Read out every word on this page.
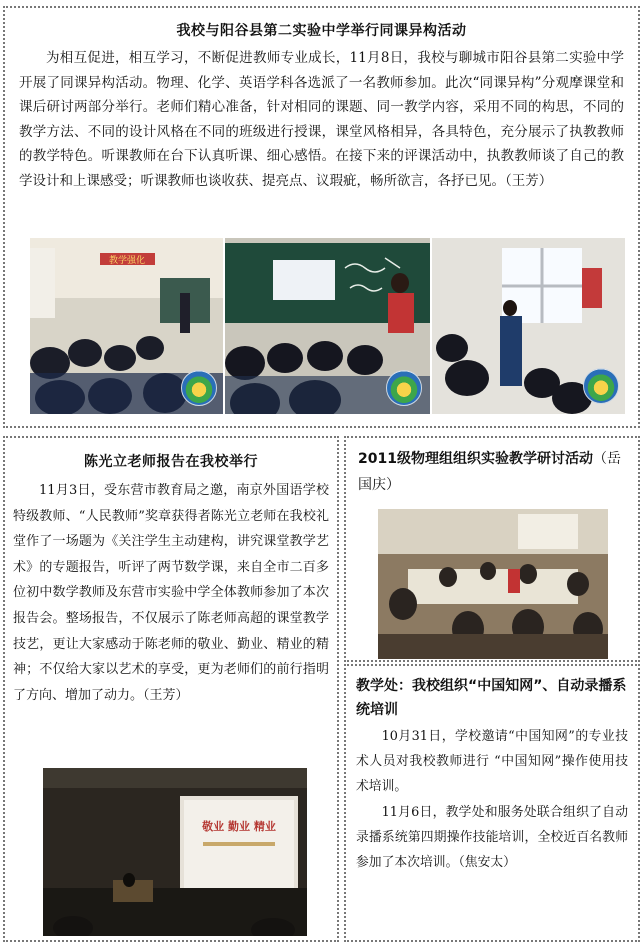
我校与阳谷县第二实验中学举行同课异构活动
为相互促进，相互学习，不断促进教师专业成长，11月8日，我校与聊城市阳谷县第二实验中学开展了同课异构活动。物理、化学、英语学科各选派了一名教师参加。此次“同课异构”分观摩课堂和课后研讨两部分举行。老师们精心准备，针对相同的课题、同一教学内容，采用不同的构思，不同的教学方法、不同的设计风格在不同的班级进行授课，课堂风格相异，各具特色，充分展示了执教教师的教学特色。听课教师在台下认真听课、细心感悟。在接下来的评课活动中，执教教师谈了自己的教学设计和上课感受；听课教师也谈收获、提亮点、议瑕疵，畅所欲言，各抒已见。（王芳）
教学强化
陈光立老师报告在我校举行
11月3日，受东营市教育局之邀，南京外国语学校特级教师、“人民教师”奖章获得者陈光立老师在我校礼堂作了一场题为《关注学生主动建构，讲究课堂教学艺术》的专题报告，听评了两节数学课，来自全市二百多位初中数学教师及东营市实验中学全体教师参加了本次报告会。整场报告，不仅展示了陈老师高超的课堂教学技艺，更让大家感动于陈老师的敬业、勤业、精业的精神；不仅给大家以艺术的享受，更为老师们的前行指明了方向、增加了动力。（王芳）
敬业 勤业 精业
2011级物理组组织实验教学研讨活动（岳国庆）
教学处：我校组织“中国知网”、自动录播系统培训
10月31日，学校邀请“中国知网”的专业技术人员对我校教师进行 “中国知网”操作使用技术培训。
11月6日，教学处和服务处联合组织了自动录播系统第四期操作技能培训，全校近百名教师参加了本次培训。（焦安太）
